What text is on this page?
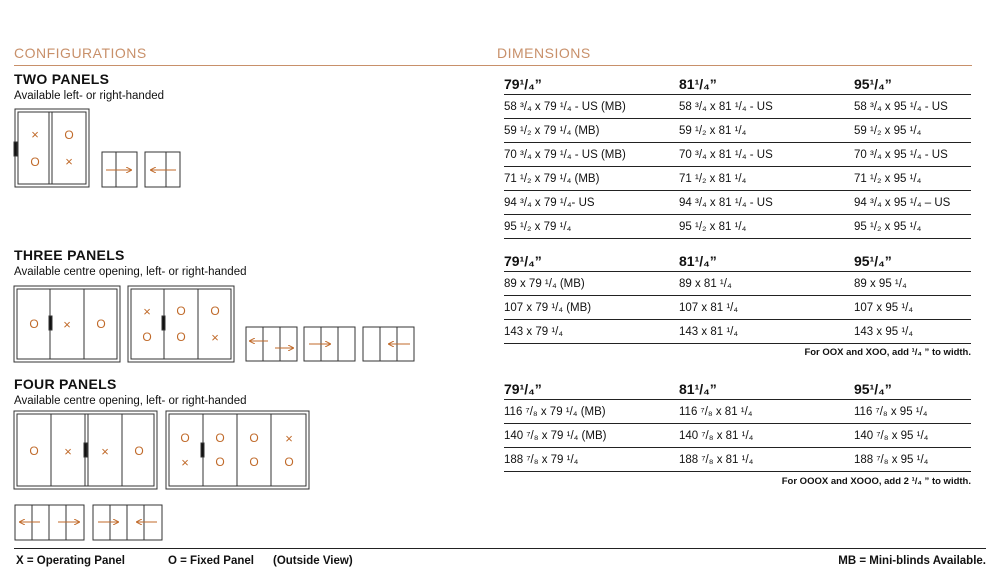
CONFIGURATIONS	DIMENSIONS
TWO PANELS
Available left- or right-handed
THREE PANELS
Available centre opening, left- or right-handed
FOUR PANELS
Available centre opening, left- or right-handed
×
O
O
×
O × O
×
O
O
O
O
×
O × × O
O
×
O
O
O
O
×
O
79¹/₄”	81¹/₄”	95¹/₄”
58 ³/₄ x 79 ¹/₄ - US (MB)	58 ³/₄ x 81 ¹/₄ - US	58 ³/₄ x 95 ¹/₄ - US
59 ¹/₂ x 79 ¹/₄ (MB)	59 ¹/₂ x 81 ¹/₄	59 ¹/₂ x 95 ¹/₄
70 ³/₄ x 79 ¹/₄ - US (MB)	70 ³/₄ x 81 ¹/₄ - US	70 ³/₄ x 95 ¹/₄ - US
71 ¹/₂ x 79 ¹/₄ (MB)	71 ¹/₂ x 81 ¹/₄	71 ¹/₂ x 95 ¹/₄
94 ³/₄ x 79 ¹/₄- US	94 ³/₄ x 81 ¹/₄ - US	94 ³/₄ x 95 ¹/₄ – US
95 ¹/₂ x 79 ¹/₄	95 ¹/₂ x 81 ¹/₄	95 ¹/₂ x 95 ¹/₄
79¹/₄”	81¹/₄”	95¹/₄”
89 x 79 ¹/₄ (MB)	89 x 81 ¹/₄	89 x 95 ¹/₄
107 x 79 ¹/₄ (MB)	107 x 81 ¹/₄	107 x 95 ¹/₄
143 x 79 ¹/₄	143 x 81 ¹/₄	143 x 95 ¹/₄
For OOX and XOO, add ¹/₄ ” to width.
79¹/₄”	81¹/₄”	95¹/₄”
116 ⁷/₈ x 79 ¹/₄ (MB)	116 ⁷/₈ x 81 ¹/₄	116 ⁷/₈ x 95 ¹/₄
140 ⁷/₈ x 79 ¹/₄ (MB)	140 ⁷/₈ x 81 ¹/₄	140 ⁷/₈ x 95 ¹/₄
188 ⁷/₈ x 79 ¹/₄	188 ⁷/₈ x 81 ¹/₄	188 ⁷/₈ x 95 ¹/₄
For OOOX and XOOO, add 2 ¹/₄ ” to width.
X = Operating Panel	O = Fixed Panel (Outside View)	MB = Mini-blinds Available.
